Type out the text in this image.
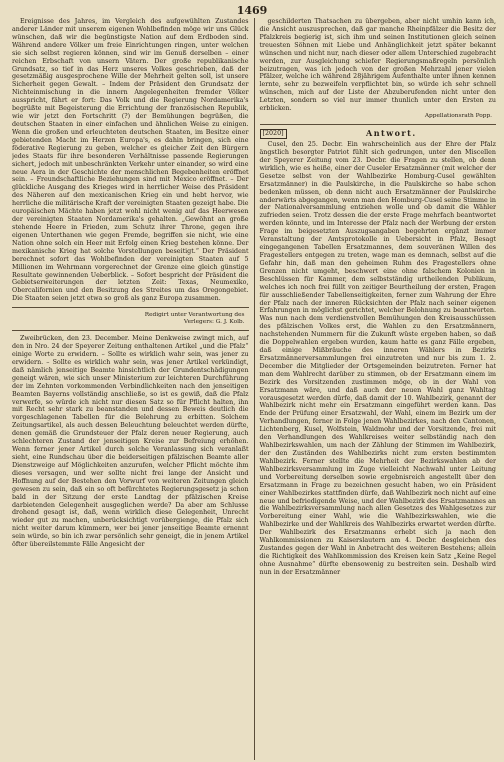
1469

Ereignisse des Jahres, im Vergleich des aufgewühlten Zustandes anderer Länder mit unserem eigenen Wohlbefinden möge wir uns Glück wünschen, daß wir die begünstigste Nation auf dem Erdboden sind. Während andere Völker um freie Einrichtungen ringen, unter welchen sie sich selbst regieren können, sind wir im Genuß derselben – einer reichen Erbschaft von unsern Vätern. Der große republikanische Grundsatz, so tief in das Herz unseres Volkes geschrieben, daß der gesetzmäßig ausgesprochene Wille der Mehrheit gelten soll, ist unsere Sicherheit gegen Gewalt. – Indem der Präsident den Grundsatz der Nichteinmischung in die innern Angelegenheiten fremder Völker ausspricht, fährt er fort: Das Volk und die Regierung Nordamerika's begrüßte mit Begeisterung die Errichtung der französischen Republik, wie wir jetzt den Fortschritt (?) der Bemühungen begrüßen, die deutschen Staaten in einer einfachen und ähnlichen Weise zu einigen. Wenn die großen und erleuchteten deutschen Staaten, im Besitze einer gebietenden Macht im Herzen Europa's, es dahin bringen, sich eine föderative Regierung zu geben, welcher es gleicher Zeit den Bürgern jedes Staats für ihre besonderen Verhältnisse passende Regierungen sichert, jedoch mit unbeschränkten Verkehr unter einander, so wird eine neue Aera in der Geschichte der menschlichen Begebenheiten eröffnet sein. – Freundschaftliche Beziehungen sind mit Mexico eröffnet. – Der glückliche Ausgang des Krieges wird in herrlicher Weise des Präsident des Näheren auf den mexicanischen Krieg ein und hebt hervor, wie herrliche die militärische Kraft der vereinigten Staaten gezeigt habe. Die europäischen Mächte haben jetzt wohl nicht wenig auf das Heerwesen der vereinigten Staaten Nordamerika's gehalten. „Gewöhnt an große stehende Heere in Frieden, zum Schutz ihrer Throne, gegen ihre eigenen Unterthanen wie gegen Fremde, begriffen sie nicht, wie eine Nation ohne solch ein Heer mit Erfolg einen Krieg bestehen könne. Der mexikanische Krieg hat solche Vorstellungen beseitigt.“ Der Präsident berechnet sofort das Wohlbefinden der vereinigten Staaten auf 5 Millionen im Wehrmann vorgerechnet der Grenze eine gleich günstige Resultate gewinnenden Ueberblick. – Sofort bespricht der Präsident die Gebietserweiterungen der letzten Zeit: Texas, Neumexiko, Obercalifornien und den Besitzung des Streites um das Oregongebiet. Die Staaten seien jetzt etwa so groß als ganz Europa zusammen.

Redigirt unter Verantwortung des
Verlegers: G. J. Kolb.

Zweibrücken, den 23. December. Meine Denkweise zwingt mich, auf den in Nro. 24 der Speyerer Zeitung enthaltenen Artikel „und die Pfalz“ einige Worte zu erwidern. – Sollte es wirklich wahr sein, was jener zu erwidern. – Sollte es wirklich wahr sein, was jener Artikel verkündigt, daß nämlich jenseitige Beamte hinsichtlich der Grundentschädigungen geneigt wären, wie sich unser Ministerium zur leichteren Durchführung der im Zehnten vorkommenden Verbindlichkeiten nach den jenseitigen Beamten Bayerns vollständig anschließe, so ist es gewiß, daß die Pfalz verwerfe, so würde ich nicht nur diesen Satz so für Pflicht halten, ihn mit Recht sehr stark zu beanstanden und dessen Beweis deutlich die vorgeschlagenen Tabellen für die Belehrung zu erbitten. Solchem Zeitungsartikel, als auch dessen Beleuchtung beleuchtet werden dürfte, denen gemäß die Grundsteuer der Pfalz deren neuer Regierung, auch schlechteren Zustand der jenseitigen Kreise zur Befreiung erhöhen. Wenn ferner jener Artikel durch solche Veranlassung sich veranlaßt sieht, eine Rundschau über die beiderseitigen pfälzischen Beamte aller Dienstzweige auf Möglichkeiten anzurufen, welcher Pflicht möchte ihm dieses versagen, und wer sollte nicht frei lange der Ansicht und Hoffnung auf der Bestehen den Vorwurf von weiteren Zeitungen gleich gewesen zu sein, daß ein so oft befürchtetes Regierungsgesetz ja schon bald in der Sitzung der erste Landtag der pfälzischen Kreise darbietenden Gelegenheit ausgeglichen werde? Da aber am Schlusse drohend gesagt ist, daß, wenn wirklich diese Gelegenheit, Unrecht wieder gut zu machen, unberücksichtigt vorübergienge, die Pfalz sich nicht weiter darum kümmern, wer bei jener jenseitige Beamte ernennt sein würde, so bin ich zwar persönlich sehr geneigt, die in jenem Artikel öfter übereilstemmte Fälle Angesicht der

geschilderten Thatsachen zu übergeben, aber nicht umhin kann ich, die Ansicht auszusprechen, daß gar manche Rheinpfälzer die Besitz der Pfalzkreis begierig ist, sich ihm und seinen Institutionen gleich seinen treuesten Söhnen mit Liebe und Anhänglichkeit jetzt später bekannt wünschen und nicht nur, nach dieser oder allem Unterschied zugebracht werden, zur Ausgleichung schiefer Regierungsmaßregeln persönlich beizutragen, was ich jedoch von der großen Mehrzahl jener vielen Pfälzer, welche ich während 28jährigem Aufenthalte unter ihnen kennen lernte, sehr zu bezweifeln verpflichtet bin, so würde ich sehr schnell wünschen, mich auf der Liste der Abzuberufenden nicht unter den Letzten, sondern so viel nur immer thunlich unter den Ersten zu erblicken.

Appellationsrath Popp.
[2020]	Antwort.

Cusel, den 25. Decbr. Ein wahrscheinlich aus der Ehre der Pfalz ängstlich besorgter Patriot fühlt sich gedrungen, unter den Miscellen der Speyerer Zeitung vom 23. Decbr. die Fragen zu stellen, ob denn wirklich, wie es heiße, einer der Cuseler Ersatzmänner (mit welcher der Gesetze selbst von der Wahlbezirke Homburg-Cusel gewählten Ersatzmänner) in die Paulskirche, in die Paulskirche so habe schon bedenken müssen, ob denn nicht auch Ersatzmänner der Paulskirche anderwärts abgegangen, wenn man den Homburg-Cusel seine Stimme in der Nationalversammlung entziehen wolle und ob damit die Wähler zufrieden seien. Trotz dessen die der erste Frage mehrfach beantwortet werden könnte, und im Interesse der Pfalz nach der Werbung der ersten Frage im beigesetzten Auszugsangaben begehrten ergänzt immer Veranstaltung der Amtsprotokolle in Uebersicht in Pfalz, Besagt eingegangenen Tabellen Ersatzmannes, dem souveränen Willen des Fragestellers entgegen zu treten, wage man es demnach, selbst auf die Gefahr hin, daß man den geheimen Ruhm des Fragestellers ohne Grenzen nicht umgeht, beschwert eine ohne falschem Kolonien in Beschlüssen für Kammer, dem selbstständig urtheilenden Publikum, welches ich noch frei füllt von zeitiger Beurtheilung der ersten, Fragen für ausschließender Tabellenseitigkeiten, ferner zum Wahrung der Ehre der Pfalz nach der inneren Rücksichten der Pfalz nach seiner eigenen Erfahrungen in möglichst gerichtet, welcher Belohnung zu beantworten. Was nun nach dem verdienstvollen Bemühungen den Kreisausschüssen des pfälzischen Volkes erst, die Wahlen zu den Ersatzmännern, nachstehenden Nummern für die Zukunft wüste ergeben haben, so daß die Doppelwahlen ergeben wurden, kaum hatte es ganz Fälle ergeben, daß einige Mißbräuche des inneren Wählers in Bezirks Ersatzmännerversammlungen frei einzutreten und nur bis zum 1. 2. December die Mitglieder der Ortsgemeinden beizutreten. Ferner hat man dem Wahlrecht darüber zu stimmen, ob der Ersatzmann einem im Bezirk des Vorsitzenden zustimmen möge, ob in der Wahl von Ersatzmann wäre, und daß auch der neuen Wahl ganz Wahltag vorausgesetzt werden dürfe, daß damit der 10. Wahlbezirk, genannt der Wahlbezirk nicht mehr ein Ersatzmann eingeführt werden kann. Das Ende der Prüfung einer Ersatzwahl, der Wahl, einem im Bezirk um der Verhandlungen, ferner in Folge jenen Wahlbezirkes, nach den Cantonen, Lichtenberg, Kusel, Wolfstein, Waldmohr und der Vorsitzende, frei mit den Verhandlungen des Wahlkreises weiter selbständig nach den Wahlbezirkswahlen, um nach der Zählung der Stimmen im Wahlbezirk, der den Zuständen des Wahlbezirks nicht zum ersten bestimmten Wahlbezirk. Ferner stellte die Mehrheit der Bezirkswahlen ab der Wahlbezirksversammlung im Zuge vielleicht Nachwahl unter Leitung und Vorbereitung derselben sowie ergebnisreich angestellt über den Ersatzmann in Frage zu bezeichnen gesucht haben, wo ein Präsident einer Wahlbezirkes stattfinden dürfe, daß Wahlbezirk noch nicht auf eine neue und befriedigende Weise, und der Wahlbezirk des Ersatzmannes an die Wahlbezirksversammlung nach allen Gesetzes des Wahlgesetzes zur Vorbereitung einer Wahl, wie die Wahlbezirkswahlen, wie die Wahlbezirke und der Wahlkreis des Wahlbezirks erwartet werden dürfte. Der Wahlbezirk des Ersatzmanns erhebt sich ja nach den Wahlkommissionen zu Kaiserslautern am 4. Decbr. desgleichen des Zustandes gegen der Wahl in Anbetracht des weiteren Bestehens; allein die Richtigkeit des Wahlkommission des Kreisen kein Satz „Keine Regel ohne Ausnahme“ dürfte ebensowenig zu bestreiten sein. Deshalb wird nun in der Ersatzmänner
